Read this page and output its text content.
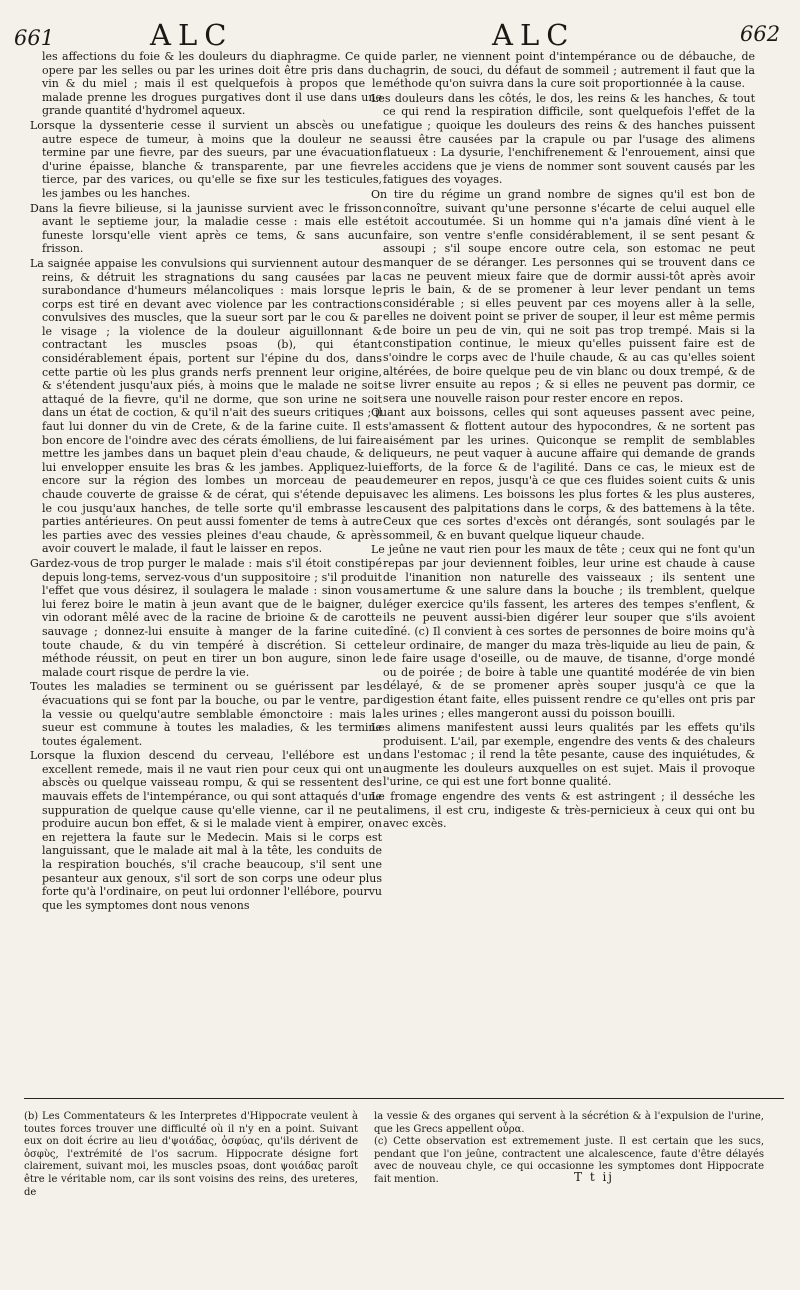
661	ALC	ALC	662

les affections du foie & les douleurs du diaphragme. Ce qui opere par les selles ou par les urines doit être pris dans du vin & du miel ; mais il est quelquefois à propos que le malade prenne les drogues purgatives dont il use dans une grande quantité d'hydromel aqueux.

Lorsque la dyssenterie cesse il survient un abscès ou une autre espece de tumeur, à moins que la douleur ne se termine par une fievre, par des sueurs, par une évacuation d'urine épaisse, blanche & transparente, par une fievre tierce, par des varices, ou qu'elle se fixe sur les testicules, les jambes ou les hanches.

Dans la fievre bilieuse, si la jaunisse survient avec le frisson avant le septieme jour, la maladie cesse : mais elle est funeste lorsqu'elle vient après ce tems, & sans aucun frisson.

La saignée appaise les convulsions qui surviennent autour des reins, & détruit les stragnations du sang causées par la surabondance d'humeurs mélancoliques : mais lorsque le corps est tiré en devant avec violence par les contractions convulsives des muscles, que la sueur sort par le cou & par le visage ; la violence de la douleur aiguillonnant & contractant les muscles psoas (b), qui étant considérablement épais, portent sur l'épine du dos, dans cette partie où les plus grands nerfs prennent leur origine, & s'étendent jusqu'aux piés, à moins que le malade ne soit attaqué de la fievre, qu'il ne dorme, que son urine ne soit dans un état de coction, & qu'il n'ait des sueurs critiques ; il faut lui donner du vin de Crete, & de la farine cuite. Il est bon encore de l'oindre avec des cérats émolliens, de lui faire mettre les jambes dans un baquet plein d'eau chaude, & de lui envelopper ensuite les bras & les jambes. Appliquez-lui encore sur la région des lombes un morceau de peau chaude couverte de graisse & de cérat, qui s'étende depuis le cou jusqu'aux hanches, de telle sorte qu'il embrasse les parties antérieures. On peut aussi fomenter de tems à autre les parties avec des vessies pleines d'eau chaude, & après avoir couvert le malade, il faut le laisser en repos.

Gardez-vous de trop purger le malade : mais s'il étoit constipé depuis long-tems, servez-vous d'un suppositoire ; s'il produit l'effet que vous désirez, il soulagera le malade : sinon vous lui ferez boire le matin à jeun avant que de le baigner, du vin odorant mêlé avec de la racine de brioine & de carotte sauvage ; donnez-lui ensuite à manger de la farine cuite toute chaude, & du vin tempéré à discrétion. Si cette méthode réussit, on peut en tirer un bon augure, sinon le malade court risque de perdre la vie.

Toutes les maladies se terminent ou se guérissent par les évacuations qui se font par la bouche, ou par le ventre, par la vessie ou quelqu'autre semblable émonctoire : mais la sueur est commune à toutes les maladies, & les termine toutes également.

Lorsque la fluxion descend du cerveau, l'ellébore est un excellent remede, mais il ne vaut rien pour ceux qui ont un abscès ou quelque vaisseau rompu, & qui se ressentent des mauvais effets de l'intempérance, ou qui sont attaqués d'une suppuration de quelque cause qu'elle vienne, car il ne peut produire aucun bon effet, & si le malade vient à empirer, on en rejettera la faute sur le Medecin. Mais si le corps est languissant, que le malade ait mal à la tête, les conduits de la respiration bouchés, s'il crache beaucoup, s'il sent une pesanteur aux genoux, s'il sort de son corps une odeur plus forte qu'à l'ordinaire, on peut lui ordonner l'ellébore, pourvu que les symptomes dont nous venons

de parler, ne viennent point d'intempérance ou de débauche, de chagrin, de souci, du défaut de sommeil ; autrement il faut que la méthode qu'on suivra dans la cure soit proportionnée à la cause.

Les douleurs dans les côtés, le dos, les reins & les hanches, & tout ce qui rend la respiration difficile, sont quelquefois l'effet de la fatigue ; quoique les douleurs des reins & des hanches puissent aussi être causées par la crapule ou par l'usage des alimens flatueux : La dysurie, l'enchifrenement & l'enrouement, ainsi que les accidens que je viens de nommer sont souvent causés par les fatigues des voyages.

On tire du régime un grand nombre de signes qu'il est bon de connoître, suivant qu'une personne s'écarte de celui auquel elle étoit accoutumée. Si un homme qui n'a jamais dîné vient à le faire, son ventre s'enfle considérablement, il se sent pesant & assoupi ; s'il soupe encore outre cela, son estomac ne peut manquer de se déranger. Les personnes qui se trouvent dans ce cas ne peuvent mieux faire que de dormir aussi-tôt après avoir pris le bain, & de se promener à leur lever pendant un tems considérable ; si elles peuvent par ces moyens aller à la selle, elles ne doivent point se priver de souper, il leur est même permis de boire un peu de vin, qui ne soit pas trop trempé. Mais si la constipation continue, le mieux qu'elles puissent faire est de s'oindre le corps avec de l'huile chaude, & au cas qu'elles soient altérées, de boire quelque peu de vin blanc ou doux trempé, & de se livrer ensuite au repos ; & si elles ne peuvent pas dormir, ce sera une nouvelle raison pour rester encore en repos.

Quant aux boissons, celles qui sont aqueuses passent avec peine, s'amassent & flottent autour des hypocondres, & ne sortent pas aisément par les urines. Quiconque se remplit de semblables liqueurs, ne peut vaquer à aucune affaire qui demande de grands efforts, de la force & de l'agilité. Dans ce cas, le mieux est de demeurer en repos, jusqu'à ce que ces fluides soient cuits & unis avec les alimens. Les boissons les plus fortes & les plus austeres, causent des palpitations dans le corps, & des battemens à la tête. Ceux que ces sortes d'excès ont dérangés, sont soulagés par le sommeil, & en buvant quelque liqueur chaude.

Le jeûne ne vaut rien pour les maux de tête ; ceux qui ne font qu'un repas par jour deviennent foibles, leur urine est chaude à cause de l'inanition non naturelle des vaisseaux ; ils sentent une amertume & une salure dans la bouche ; ils tremblent, quelque léger exercice qu'ils fassent, les arteres des tempes s'enflent, & ils ne peuvent aussi-bien digérer leur souper que s'ils avoient dîné. (c) Il convient à ces sortes de personnes de boire moins qu'à leur ordinaire, de manger du maza très-liquide au lieu de pain, & de faire usage d'oseille, ou de mauve, de tisanne, d'orge mondé ou de poirée ; de boire à table une quantité modérée de vin bien délayé, & de se promener après souper jusqu'à ce que la digestion étant faite, elles puissent rendre ce qu'elles ont pris par les urines ; elles mangeront aussi du poisson bouilli.

Les alimens manifestent aussi leurs qualités par les effets qu'ils produisent. L'ail, par exemple, engendre des vents & des chaleurs dans l'estomac ; il rend la tête pesante, cause des inquiétudes, & augmente les douleurs auxquelles on est sujet. Mais il provoque l'urine, ce qui est une fort bonne qualité.

Le fromage engendre des vents & est astringent ; il desséche les alimens, il est cru, indigeste & très-pernicieux à ceux qui ont bu avec excès.

(b) Les Commentateurs & les Interpretes d'Hippocrate veulent à toutes forces trouver une difficulté où il n'y en a point. Suivant eux on doit écrire au lieu d'ψοιάδας, ὀσφύας, qu'ils dérivent de ὀσφὺς, l'extrémité de l'os sacrum. Hippocrate désigne fort clairement, suivant moi, les muscles psoas, dont ψοιάδας paroît être le véritable nom, car ils sont voisins des reins, des ureteres, de

la vessie & des organes qui servent à la sécrétion & à l'expulsion de l'urine, que les Grecs appellent οὖρα.

(c) Cette observation est extremement juste. Il est certain que les sucs, pendant que l'on jeûne, contractent une alcalescence, faute d'être délayés avec de nouveau chyle, ce qui occasionne les symptomes dont Hippocrate fait mention.	T t ij
